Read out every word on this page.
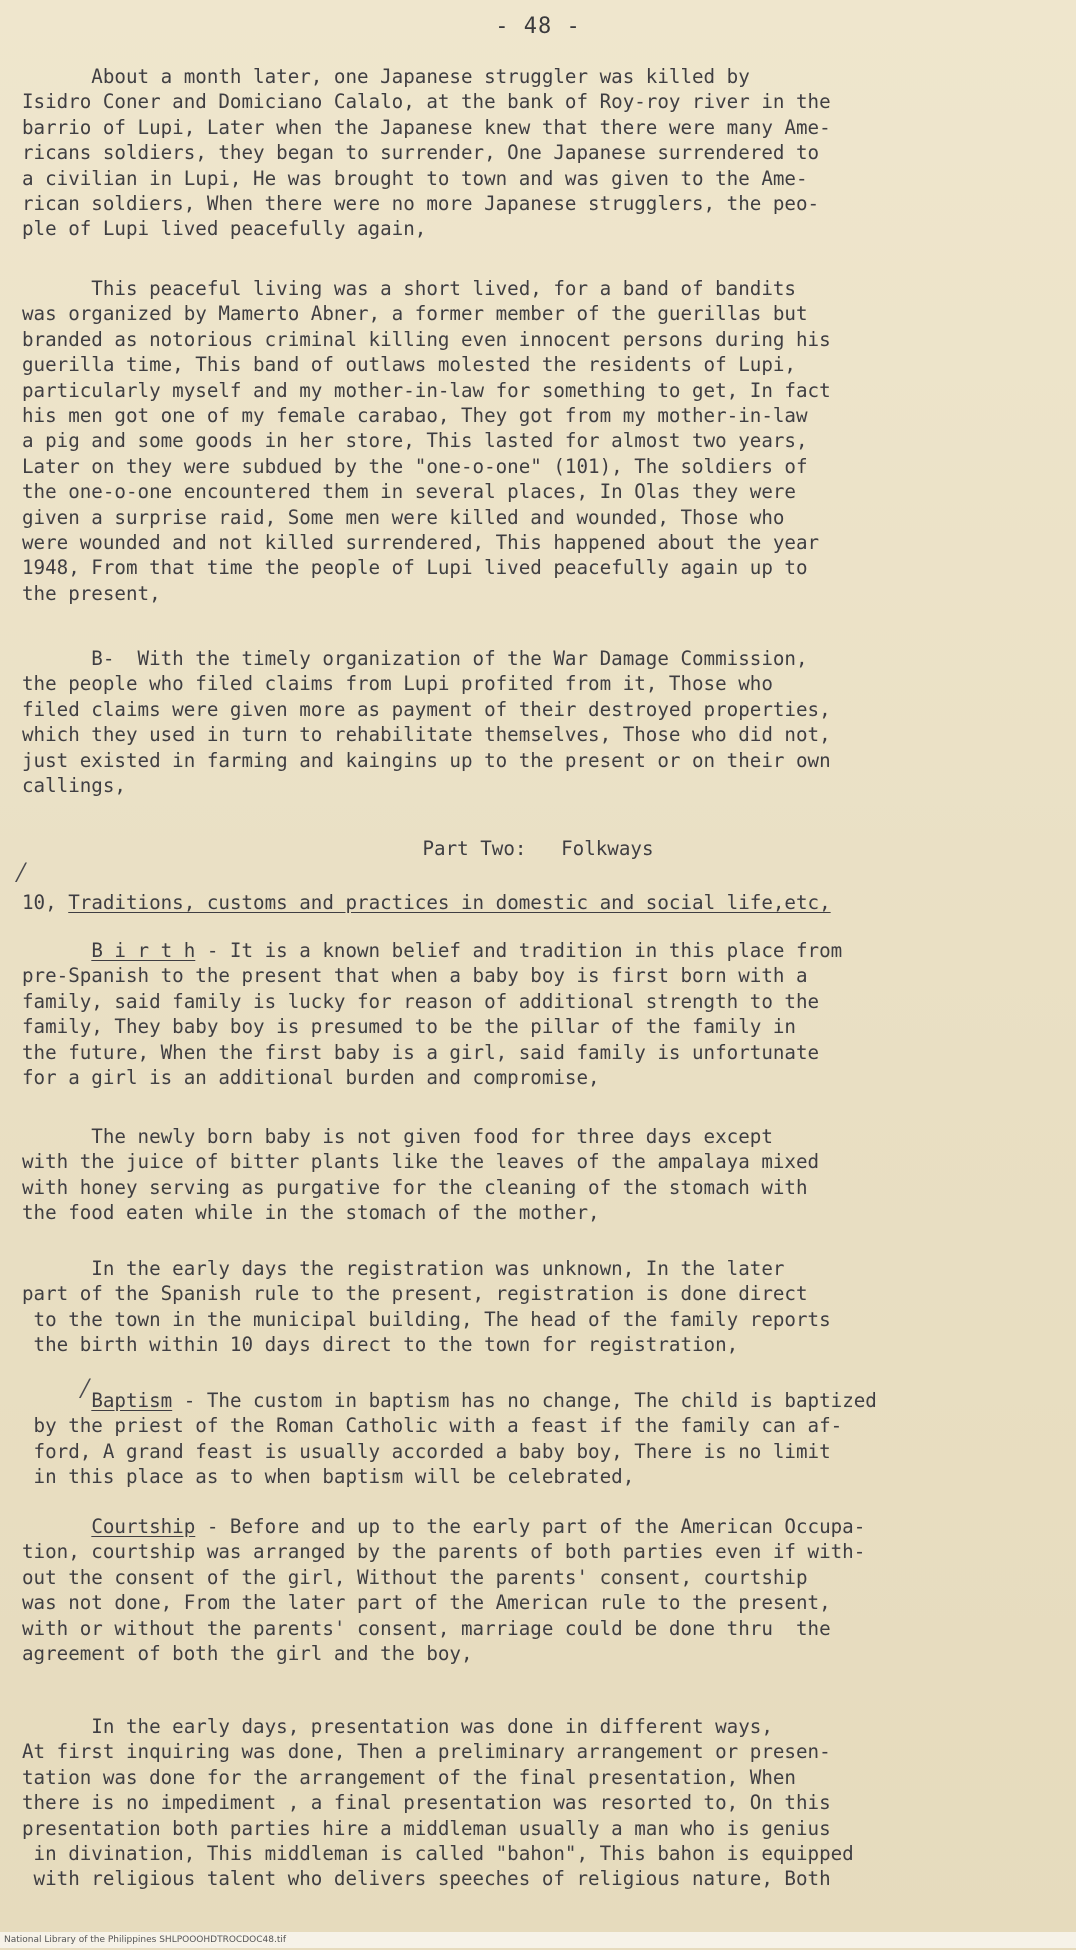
- 48 -
About a month later, one Japanese struggler was killed by
Isidro Coner and Domiciano Calalo, at the bank of Roy-roy river in the
barrio of Lupi, Later when the Japanese knew that there were many Ame-
ricans soldiers, they began to surrender, One Japanese surrendered to
a civilian in Lupi, He was brought to town and was given to the Ame-
rican soldiers, When there were no more Japanese strugglers, the peo-
ple of Lupi lived peacefully again,
This peaceful living was a short lived, for a band of bandits
was organized by Mamerto Abner, a former member of the guerillas but
branded as notorious criminal killing even innocent persons during his
guerilla time, This band of outlaws molested the residents of Lupi,
particularly myself and my mother-in-law for something to get, In fact
his men got one of my female carabao, They got from my mother-in-law
a pig and some goods in her store, This lasted for almost two years,
Later on they were subdued by the "one-o-one" (101), The soldiers of
the one-o-one encountered them in several places, In Olas they were
given a surprise raid, Some men were killed and wounded, Those who
were wounded and not killed surrendered, This happened about the year
1948, From that time the people of Lupi lived peacefully again up to
the present,
B-  With the timely organization of the War Damage Commission,
the people who filed claims from Lupi profited from it, Those who
filed claims were given more as payment of their destroyed properties,
which they used in turn to rehabilitate themselves, Those who did not,
just existed in farming and kaingins up to the present or on their own
callings,
Part Two:   Folkways
⁄
10, Traditions, customs and practices in domestic and social life,etc,
B i r t h - It is a known belief and tradition in this place from
pre-Spanish to the present that when a baby boy is first born with a
family, said family is lucky for reason of additional strength to the
family, They baby boy is presumed to be the pillar of the family in
the future, When the first baby is a girl, said family is unfortunate
for a girl is an additional burden and compromise,
The newly born baby is not given food for three days except
with the juice of bitter plants like the leaves of the ampalaya mixed
with honey serving as purgative for the cleaning of the stomach with
the food eaten while in the stomach of the mother,
In the early days the registration was unknown, In the later
part of the Spanish rule to the present, registration is done direct
to the town in the municipal building, The head of the family reports
the birth within 10 days direct to the town for registration,
⁄
Baptism - The custom in baptism has no change, The child is baptized
by the priest of the Roman Catholic with a feast if the family can af-
ford, A grand feast is usually accorded a baby boy, There is no limit
in this place as to when baptism will be celebrated,
Courtship - Before and up to the early part of the American Occupa-
tion, courtship was arranged by the parents of both parties even if with-
out the consent of the girl, Without the parents' consent, courtship
was not done, From the later part of the American rule to the present,
with or without the parents' consent, marriage could be done thru  the
agreement of both the girl and the boy,
In the early days, presentation was done in different ways,
At first inquiring was done, Then a preliminary arrangement or presen-
tation was done for the arrangement of the final presentation, When
there is no impediment , a final presentation was resorted to, On this
presentation both parties hire a middleman usually a man who is genius
in divination, This middleman is called "bahon", This bahon is equipped
with religious talent who delivers speeches of religious nature, Both
National Library of the Philippines SHLPOOOHDTROCDOC48.tif
